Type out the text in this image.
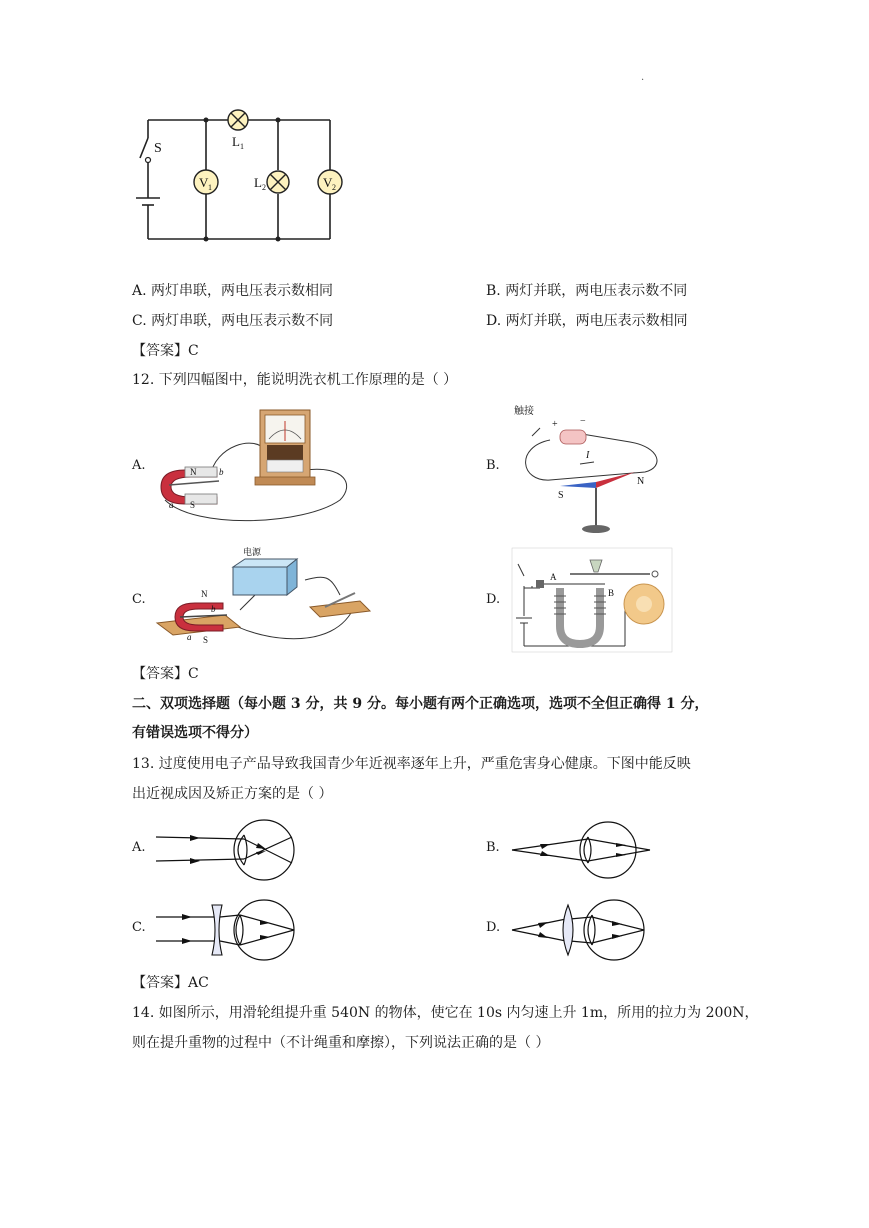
.
S	L 1
L 2
V 1	V 2
A. 两灯串联，两电压表示数相同	B. 两灯并联，两电压表示数不同
C. 两灯串联，两电压表示数不同	D. 两灯并联，两电压表示数相同
【答案】C
12. 下列四幅图中，能说明洗衣机工作原理的是（ ）
A.	B.
C.	D.
N
S
a
b
触接
+ −
I
S
N
电源
N
S
a
b
A
B
【答案】C
二、双项选择题（每小题 3 分，共 9 分。每小题有两个正确选项，选项不全但正确得 1 分，
有错误选项不得分）
13. 过度使用电子产品导致我国青少年近视率逐年上升，严重危害身心健康。下图中能反映
出近视成因及矫正方案的是（ ）
A.	B.
C.	D.
【答案】AC
14. 如图所示，用滑轮组提升重 540N 的物体，使它在 10s 内匀速上升 1m，所用的拉力为 200N，
则在提升重物的过程中（不计绳重和摩擦），下列说法正确的是（ ）
